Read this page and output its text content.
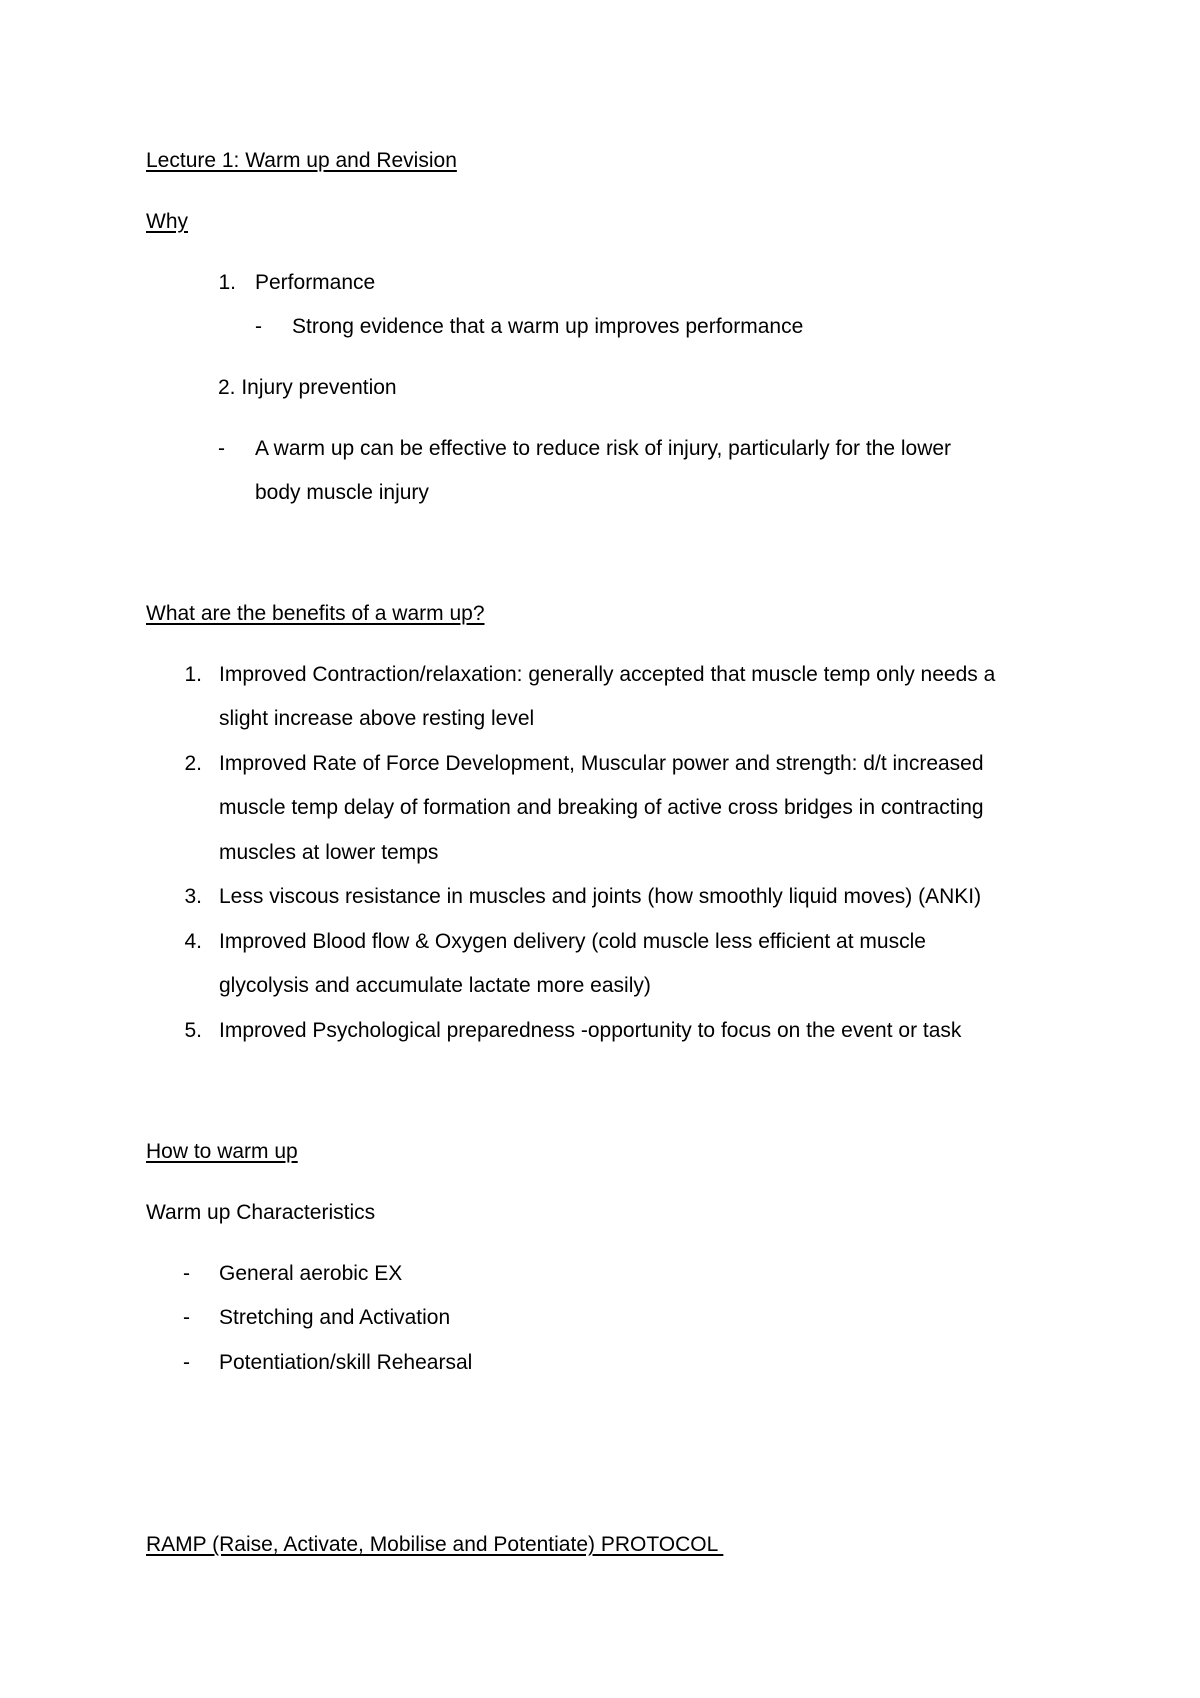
Lecture 1: Warm up and Revision
Why
1. Performance
- Strong evidence that a warm up improves performance
2. Injury prevention
- A warm up can be effective to reduce risk of injury, particularly for the lower
body muscle injury
What are the benefits of a warm up?
1. Improved Contraction/relaxation: generally accepted that muscle temp only needs a
slight increase above resting level
2. Improved Rate of Force Development, Muscular power and strength: d/t increased
muscle temp delay of formation and breaking of active cross bridges in contracting
muscles at lower temps
3. Less viscous resistance in muscles and joints (how smoothly liquid moves) (ANKI)
4. Improved Blood flow & Oxygen delivery (cold muscle less efficient at muscle
glycolysis and accumulate lactate more easily)
5. Improved Psychological preparedness -opportunity to focus on the event or task
How to warm up
Warm up Characteristics
- General aerobic EX
- Stretching and Activation
- Potentiation/skill Rehearsal
RAMP (Raise, Activate, Mobilise and Potentiate) PROTOCOL
